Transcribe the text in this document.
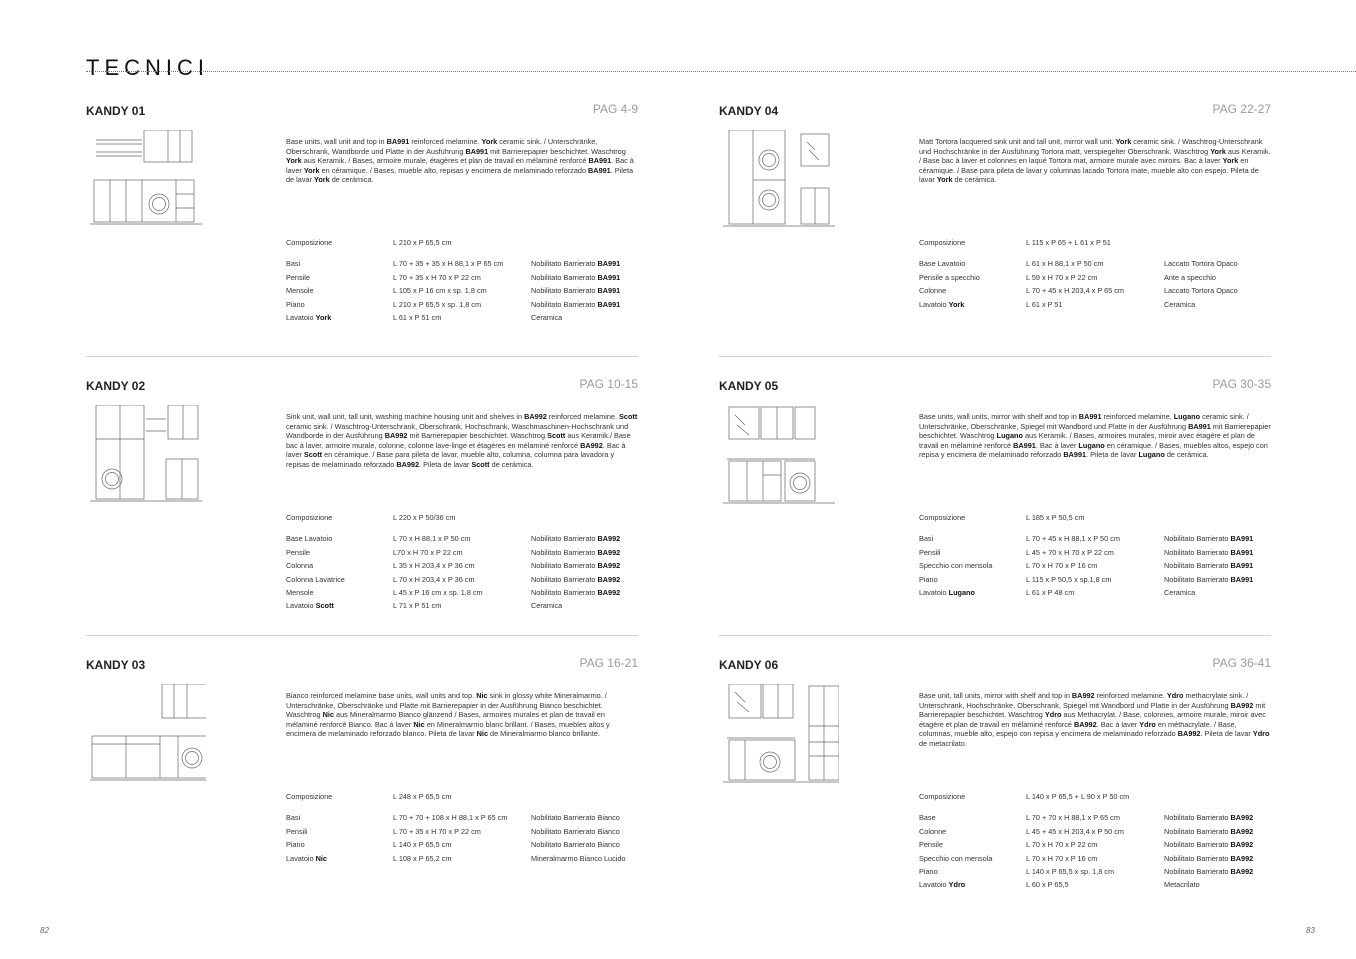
TECNICI
KANDY 01	PAG 4-9

Base units, wall unit and top in BA991 reinforced melamine. York ceramic sink. / Unterschränke, Oberschrank, Wandborde und Platte in der Ausführung BA991 mit Barrierepapier beschichtet. Waschtrog York aus Keramik. / Bases, armoire murale, étagères et plan de travail en mélaminé renforcé BA991. Bac à laver York en céramique. / Bases, mueble alto, repisas y encimera de melaminado reforzado BA991. Pileta de lavar York de cerámica.

Composizione	L 210 x P 65,5 cm
Basi	L 70 + 35 + 35 x H 88,1 x P 65 cm	Nobilitato Barrierato BA991
Pensile	L 70 + 35 x H 70 x P 22 cm	Nobilitato Barrierato BA991
Mensole	L 105 x P 16 cm x sp. 1,8 cm	Nobilitato Barrierato BA991
Piano	L 210 x P 65,5 x sp. 1,8 cm	Nobilitato Barrierato BA991
Lavatoio York	L 61 x P 51 cm	Ceramica
KANDY 04	PAG 22-27

Matt Tortora lacquered sink unit and tall unit, mirror wall unit. York ceramic sink. / Waschtrog-Unterschrank und Hochschränke in der Ausführung Tortora matt, verspiegelter Oberschrank. Waschtrog York aus Keramik. / Base bac à laver et colonnes en laqué Tortora mat, armoire murale avec miroirs. Bac à laver York en céramique. / Base para pileta de lavar y columnas lacado Tortora mate, mueble alto con espejo. Pileta de lavar York de cerámica.

Composizione	L 115 x P 65 + L 61 x P 51
Base Lavatoio	L 61 x H 88,1 x P 50 cm	Laccato Tortora Opaco
Pensile a specchio	L 59 x H 70 x P 22 cm	Ante a specchio
Colonne	L 70 + 45 x H 203,4 x P 65 cm	Laccato Tortora Opaco
Lavatoio York	L 61 x P 51	Ceramica
KANDY 02	PAG 10-15

Sink unit, wall unit, tall unit, washing machine housing unit and shelves in BA992 reinforced melamine. Scott ceramic sink. / Waschtrog-Unterschrank, Oberschrank, Hochschrank, Waschmaschinen-Hochschrank und Wandborde in der Ausführung BA992 mit Barrierepapier beschichtet. Waschtrog Scott aus Keramik./ Base bac à laver, armoire murale, colonne, colonne lave-linge et étagères en mélaminé renforcé BA992. Bac à laver Scott en céramique. / Base para pileta de lavar, mueble alto, columna, columna para lavadora y repisas de melaminado reforzado BA992. Pileta de lavar Scott de cerámica.

Composizione	L 220 x P 50/36 cm
Base Lavatoio	L 70 x H 88,1 x P 50 cm	Nobilitato Barrierato BA992
Pensile	L70 x H 70 x P 22 cm	Nobilitato Barrierato BA992
Colonna	L 35 x H 203,4 x P 36 cm	Nobilitato Barrierato BA992
Colonna Lavatrice	L 70 x H 203,4 x P 36 cm	Nobilitato Barrierato BA992
Mensole	L 45 x P 16 cm x sp. 1,8 cm	Nobilitato Barrierato BA992
Lavatoio Scott	L 71 x P 51 cm	Ceramica
KANDY 05	PAG 30-35

Base units, wall units, mirror with shelf and top in BA991 reinforced melamine. Lugano ceramic sink. / Unterschränke, Oberschränke, Spiegel mit Wandbord und Platte in der Ausführung BA991 mit Barrierepapier beschichtet. Waschtrog Lugano aus Keramik. / Bases, armoires murales, miroir avec étagère et plan de travail en mélaminé renforcé BA991. Bac à laver Lugano en céramique. / Bases, muebles altos, espejo con repisa y encimera de melaminado reforzado BA991. Pileta de lavar Lugano de cerámica.

Composizione	L 185 x P 50,5 cm
Basi	L 70 + 45 x H 88,1 x P 50 cm	Nobilitato Barrierato BA991
Pensili	L 45 + 70 x H 70 x P 22 cm	Nobilitato Barrierato BA991
Specchio con mensola	L 70 x H 70 x P 16 cm	Nobilitato Barrierato BA991
Piano	L 115 x P 50,5 x sp.1,8 cm	Nobilitato Barrierato BA991
Lavatoio Lugano	L 61 x P 48 cm	Ceramica
KANDY 03	PAG 16-21

Bianco reinforced melamine base units, wall units and top. Nic sink in glossy white Mineralmarmo. / Unterschränke, Oberschränke und Platte mit Barrierepapier in der Ausführung Bianco beschichtet. Waschtrog Nic aus Mineralmarmo Bianco glänzend / Bases, armoires murales et plan de travail en mélaminé renforcé Bianco. Bac à laver Nic en Mineralmarmo blanc brillant. / Bases, muebles altos y encimera de melaminado reforzado blanco. Pileta de lavar Nic de Mineralmarmo blanco brillante.

Composizione	L 248 x P 65,5 cm
Basi	L 70 + 70 + 108 x H 88,1 x P 65 cm	Nobilitato Barrierato Bianco
Pensili	L 70 + 35 x H 70 x P 22 cm	Nobilitato Barrierato Bianco
Piano	L 140 x P 65,5 cm	Nobilitato Barrierato Bianco
Lavatoio Nic	L 108 x P 65,2 cm	Mineralmarmo Bianco Lucido
KANDY 06	PAG 36-41

Base unit, tall units, mirror with shelf and top in BA992 reinforced melamine. Ydro methacrylate sink. / Unterschrank, Hochschränke, Oberschrank, Spiegel mit Wandbord und Platte in der Ausführung BA992 mit Barrierepapier beschichtet. Waschtrog Ydro aus Methacrylat. / Base, colonnes, armoire murale, miroir avec étagère et plan de travail en mélaminé renforcé BA992. Bac à laver Ydro en méthacrylate. / Base, columnas, mueble alto, espejo con repisa y encimera de melaminado reforzado BA992. Pileta de lavar Ydro de metacrilato.

Composizione	L 140 x P 65,5 + L 90 x P 50 cm
Base	L 70 + 70 x H 88,1 x P 65 cm	Nobilitato Barrierato BA992
Colonne	L 45 + 45 x H 203,4 x P 50 cm	Nobilitato Barrierato BA992
Pensile	L 70 x H 70 x P 22 cm	Nobilitato Barrierato BA992
Specchio con mensola	L 70 x H 70 x P 16 cm	Nobilitato Barrierato BA992
Piano	L 140 x P 65,5 x sp. 1,8 cm	Nobilitato Barrierato BA992
Lavatoio Ydro	L 60 x P 65,5	Metacrilato
82	83
